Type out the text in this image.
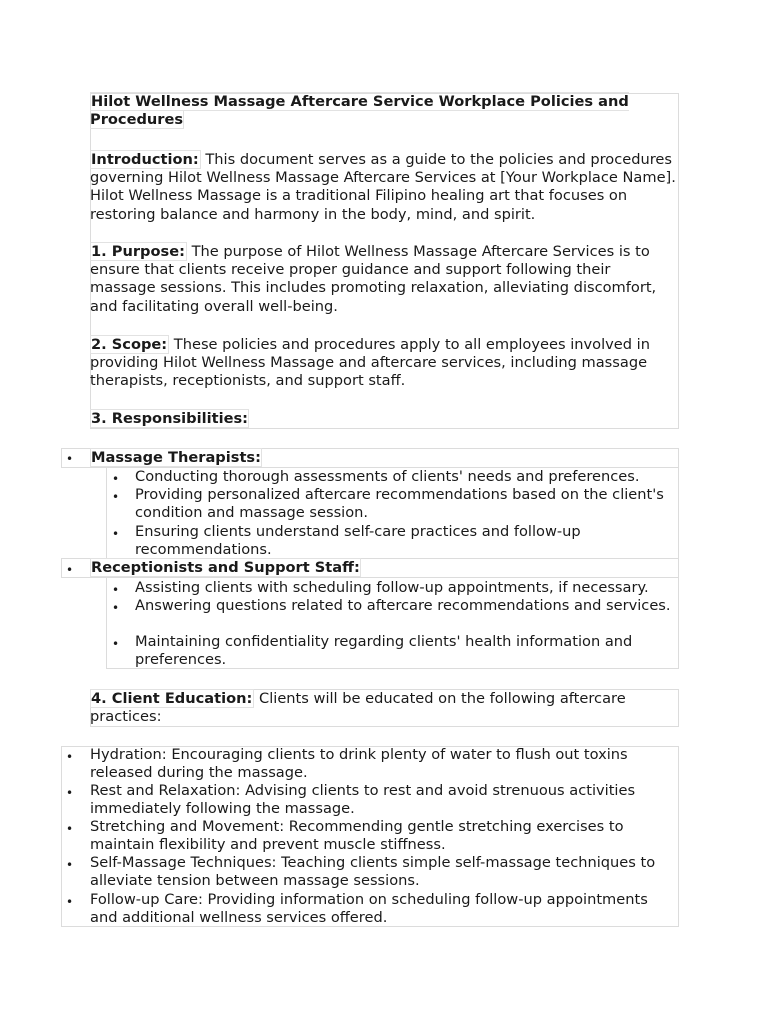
Hilot Wellness Massage Aftercare Service Workplace Policies and Procedures

Introduction: This document serves as a guide to the policies and procedures governing Hilot Wellness Massage Aftercare Services at [Your Workplace Name]. Hilot Wellness Massage is a traditional Filipino healing art that focuses on restoring balance and harmony in the body, mind, and spirit.

1. Purpose: The purpose of Hilot Wellness Massage Aftercare Services is to ensure that clients receive proper guidance and support following their massage sessions. This includes promoting relaxation, alleviating discomfort, and facilitating overall well-being.

2. Scope: These policies and procedures apply to all employees involved in providing Hilot Wellness Massage and aftercare services, including massage therapists, receptionists, and support staff.

3. Responsibilities:
•	Massage Therapists:
• Conducting thorough assessments of clients' needs and preferences.
• Providing personalized aftercare recommendations based on the client's condition and massage session.
• Ensuring clients understand self-care practices and follow-up recommendations.
•	Receptionists and Support Staff:
• Assisting clients with scheduling follow-up appointments, if necessary.
• Answering questions related to aftercare recommendations and services.
• Maintaining confidentiality regarding clients' health information and preferences.

4. Client Education: Clients will be educated on the following aftercare practices:

•	Hydration: Encouraging clients to drink plenty of water to flush out toxins released during the massage.
•	Rest and Relaxation: Advising clients to rest and avoid strenuous activities immediately following the massage.
•	Stretching and Movement: Recommending gentle stretching exercises to maintain flexibility and prevent muscle stiffness.
•	Self-Massage Techniques: Teaching clients simple self-massage techniques to alleviate tension between massage sessions.
•	Follow-up Care: Providing information on scheduling follow-up appointments and additional wellness services offered.
